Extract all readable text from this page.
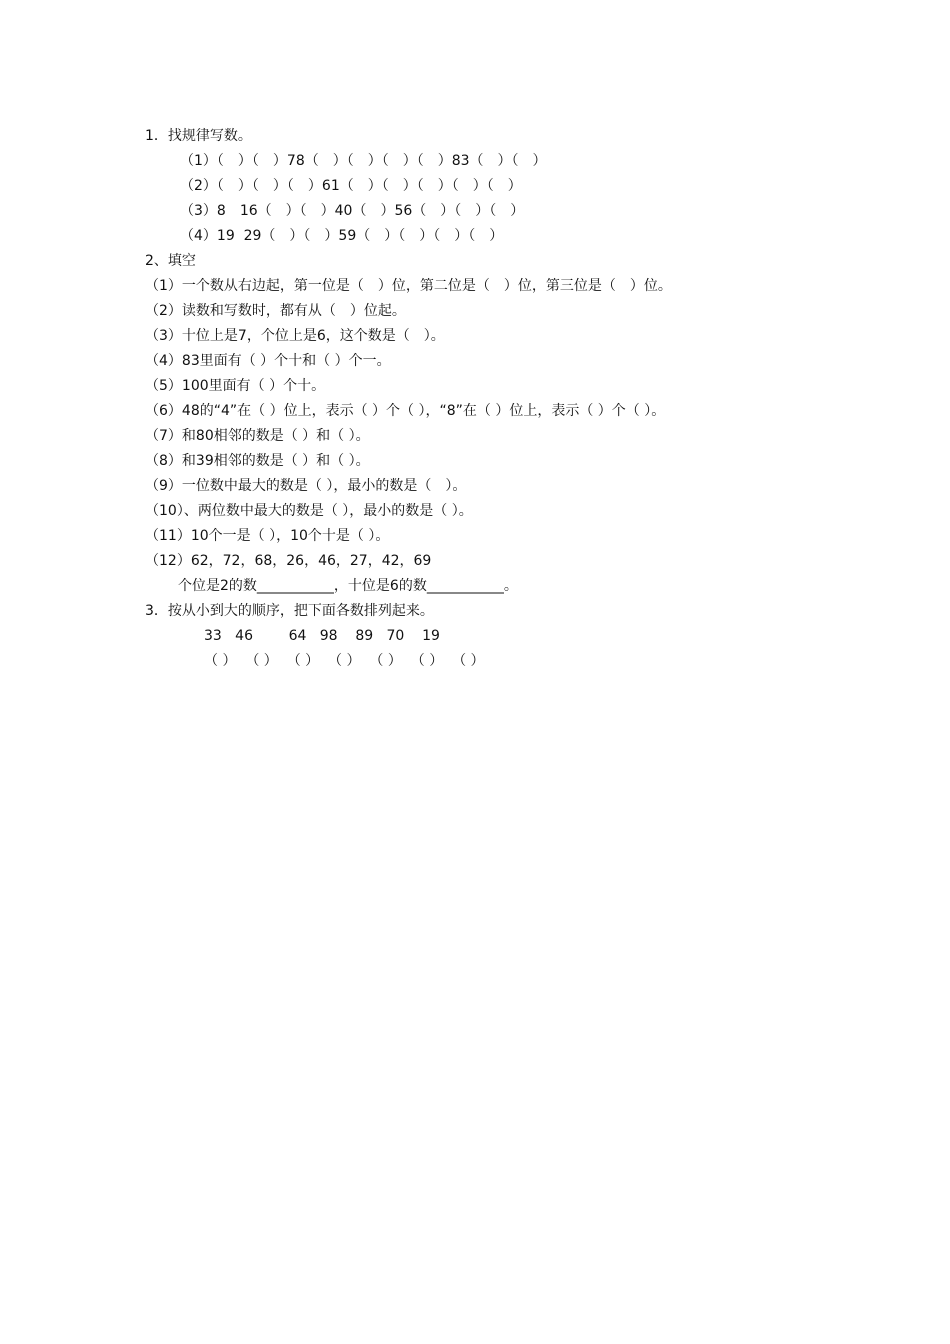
1．找规律写数。
（1）（　）（　）78（　）（　）（　）（　）83（　）（　）
（2）（　）（　）（　）61（　）（　）（　）（　）（　）
（3）8　16（　）（　）40（　）56（　）（　）（　）
（4）19  29（　）（　）59（　）（　）（　）（　）
2、填空
（1）一个数从右边起，第一位是（　）位，第二位是（　）位，第三位是（　）位。
（2）读数和写数时，都有从（　）位起。
（3）十位上是7，个位上是6，这个数是（　）。
（4）83里面有（ ）个十和（ ）个一。
（5）100里面有（ ）个十。
（6）48的“4”在（ ）位上，表示（ ）个（ ），“8”在（ ）位上，表示（ ）个（ ）。
（7）和80相邻的数是（ ）和（ ）。
（8）和39相邻的数是（ ）和（ ）。
（9）一位数中最大的数是（ ），最小的数是（　）。
（10）、两位数中最大的数是（ ），最小的数是（ ）。
（11）10个一是（ ），10个十是（ ）。
（12）62，72，68，26，46，27，42，69
个位是2的数___________，十位是6的数___________。
3．按从小到大的顺序，把下面各数排列起来。
33   46        64   98    89   70    19
（ ）  （ ）  （ ）  （ ）  （ ）  （ ）  （ ）
